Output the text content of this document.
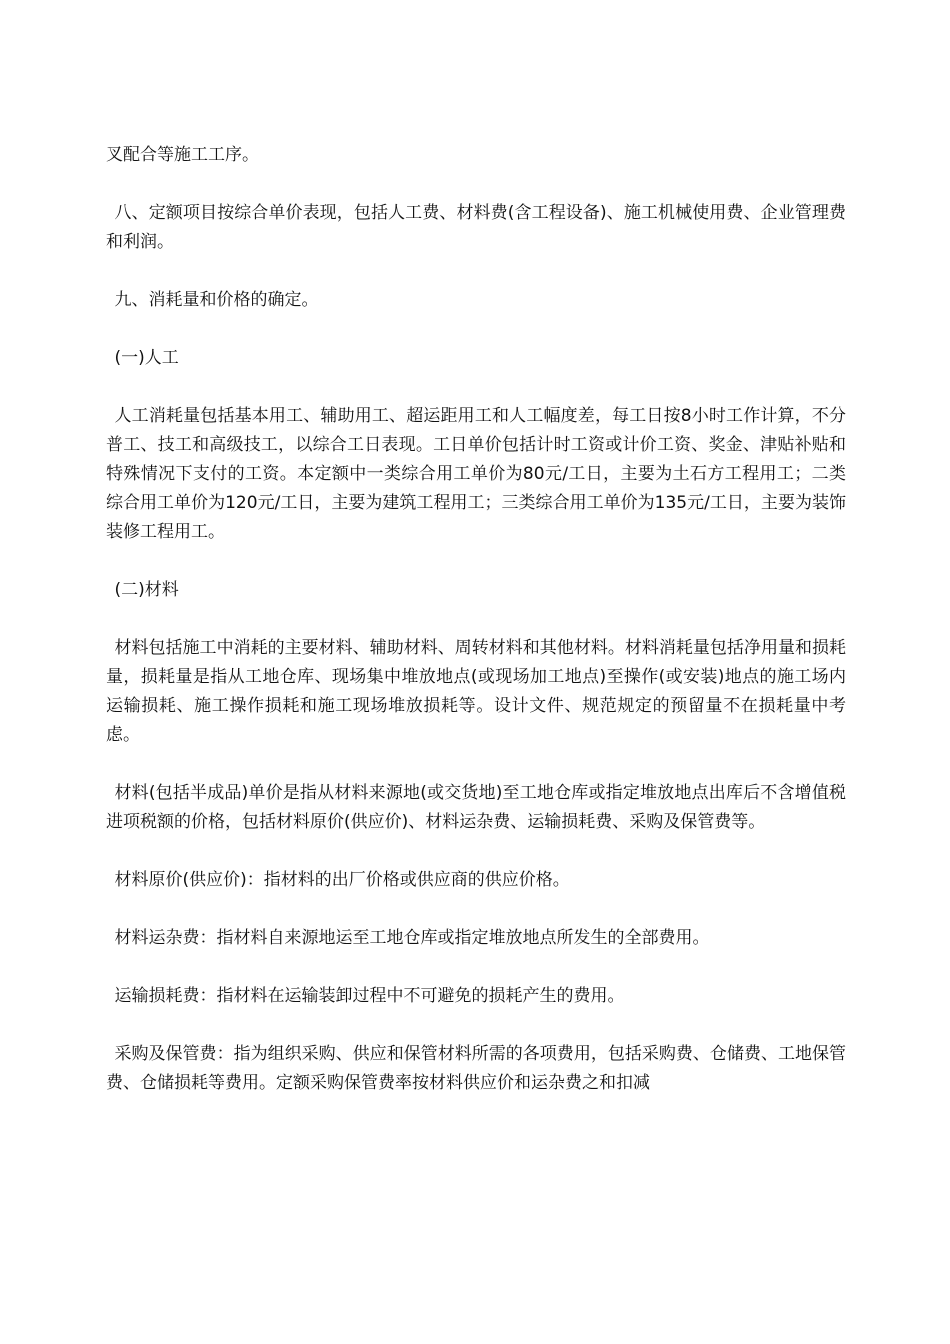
叉配合等施工工序。

八、定额项目按综合单价表现，包括人工费、材料费(含工程设备)、施工机械使用费、企业管理费和利润。

九、消耗量和价格的确定。

(一)人工

人工消耗量包括基本用工、辅助用工、超运距用工和人工幅度差，每工日按8小时工作计算，不分普工、技工和高级技工，以综合工日表现。工日单价包括计时工资或计价工资、奖金、津贴补贴和特殊情况下支付的工资。本定额中一类综合用工单价为80元/工日，主要为土石方工程用工；二类综合用工单价为120元/工日，主要为建筑工程用工；三类综合用工单价为135元/工日，主要为装饰装修工程用工。

(二)材料

材料包括施工中消耗的主要材料、辅助材料、周转材料和其他材料。材料消耗量包括净用量和损耗量，损耗量是指从工地仓库、现场集中堆放地点(或现场加工地点)至操作(或安装)地点的施工场内运输损耗、施工操作损耗和施工现场堆放损耗等。设计文件、规范规定的预留量不在损耗量中考虑。

材料(包括半成品)单价是指从材料来源地(或交货地)至工地仓库或指定堆放地点出库后不含增值税进项税额的价格，包括材料原价(供应价)、材料运杂费、运输损耗费、采购及保管费等。

材料原价(供应价)：指材料的出厂价格或供应商的供应价格。

材料运杂费：指材料自来源地运至工地仓库或指定堆放地点所发生的全部费用。

运输损耗费：指材料在运输装卸过程中不可避免的损耗产生的费用。

采购及保管费：指为组织采购、供应和保管材料所需的各项费用，包括采购费、仓储费、工地保管费、仓储损耗等费用。定额采购保管费率按材料供应价和运杂费之和扣减
